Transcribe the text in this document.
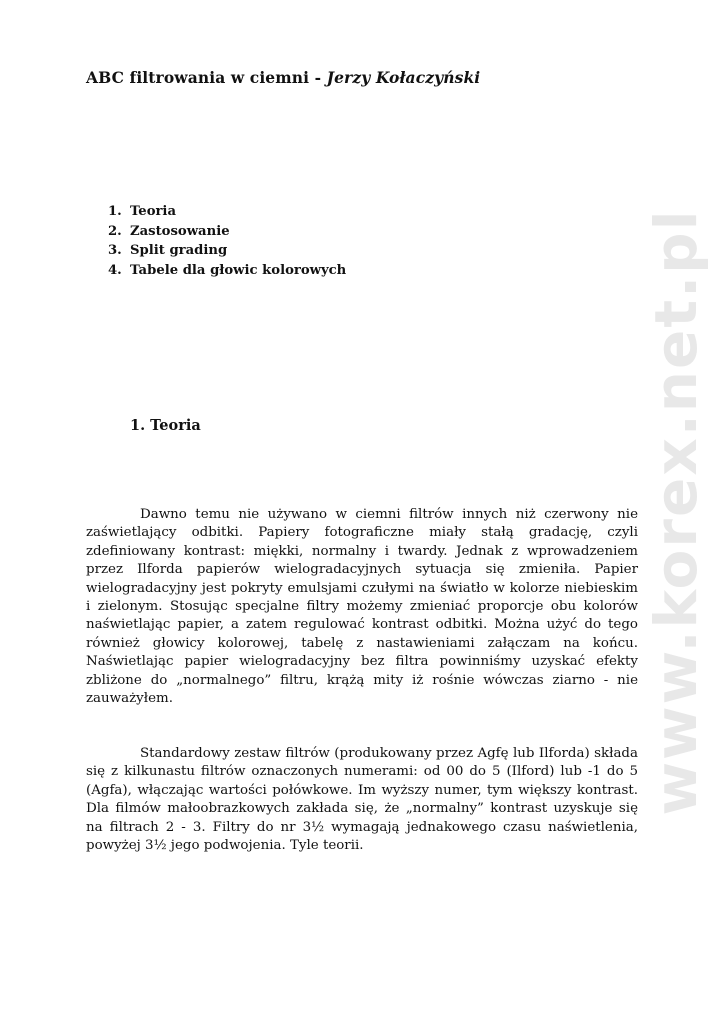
www.korex.net.pl
ABC filtrowania w ciemni - Jerzy Kołaczyński
1. Teoria
2. Zastosowanie
3. Split grading
4. Tabele dla głowic kolorowych
1. Teoria

Dawno temu nie używano w ciemni filtrów innych niż czerwony nie zaświetlający odbitki. Papiery fotograficzne miały stałą gradację, czyli zdefiniowany kontrast: miękki, normalny i twardy. Jednak z wprowadzeniem przez Ilforda papierów wielogradacyjnych sytuacja się zmieniła. Papier wielogradacyjny jest pokryty emulsjami czułymi na światło w kolorze niebieskim i zielonym. Stosując specjalne filtry możemy zmieniać proporcje obu kolorów naświetlając papier, a zatem regulować kontrast odbitki. Można użyć do tego również głowicy kolorowej, tabelę z nastawieniami załączam na końcu. Naświetlając papier wielogradacyjny bez filtra powinniśmy uzyskać efekty zbliżone do „normalnego” filtru, krążą mity iż rośnie wówczas ziarno - nie zauważyłem.

Standardowy zestaw filtrów (produkowany przez Agfę lub Ilforda) składa się z kilkunastu filtrów oznaczonych numerami: od 00 do 5 (Ilford) lub -1 do 5 (Agfa), włączając wartości połówkowe. Im wyższy numer, tym większy kontrast. Dla filmów małoobrazkowych zakłada się, że „normalny” kontrast uzyskuje się na filtrach 2 - 3. Filtry do nr 3½ wymagają jednakowego czasu naświetlenia, powyżej 3½ jego podwojenia. Tyle teorii.
